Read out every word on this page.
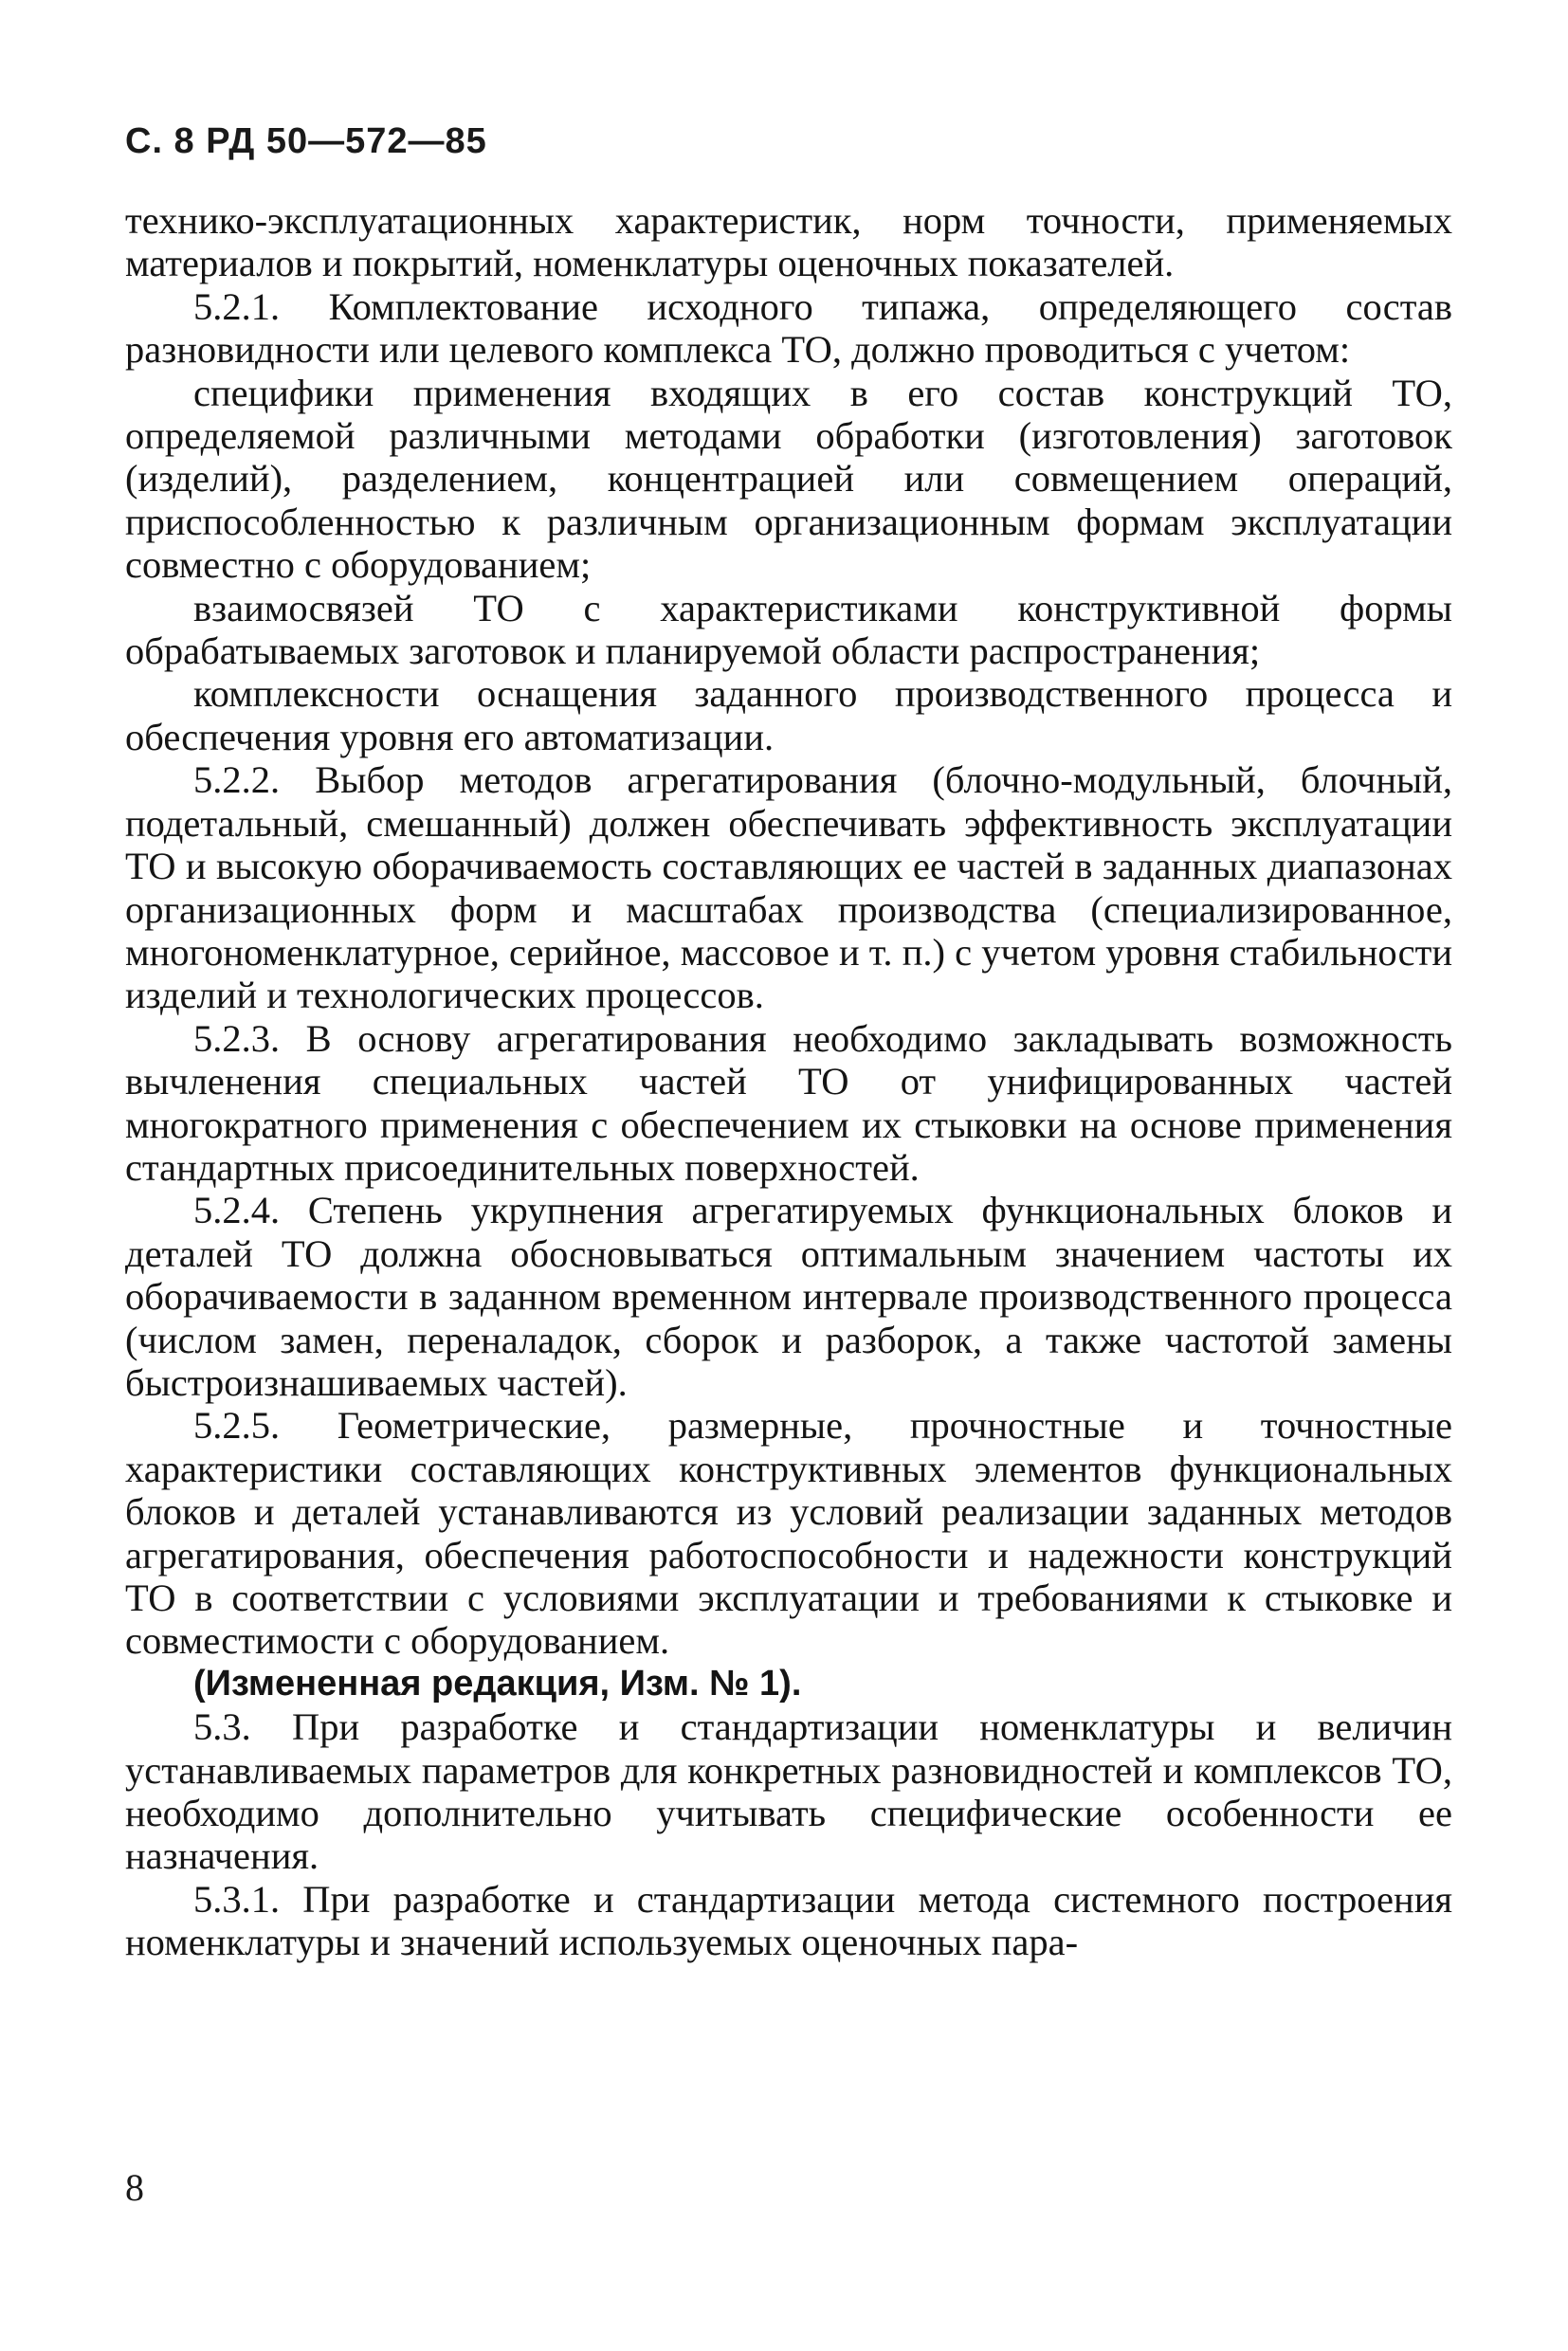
С. 8 РД 50—572—85

технико-эксплуатационных характеристик, норм точности, применяемых материалов и покрытий, номенклатуры оценочных показателей.

5.2.1. Комплектование исходного типажа, определяющего состав разновидности или целевого комплекса ТО, должно проводиться с учетом:

специфики применения входящих в его состав конструкций ТО, определяемой различными методами обработки (изготовления) заготовок (изделий), разделением, концентрацией или совмещением операций, приспособленностью к различным организационным формам эксплуатации совместно с оборудованием;

взаимосвязей ТО с характеристиками конструктивной формы обрабатываемых заготовок и планируемой области распространения;

комплексности оснащения заданного производственного процесса и обеспечения уровня его автоматизации.

5.2.2. Выбор методов агрегатирования (блочно-модульный, блочный, подетальный, смешанный) должен обеспечивать эффективность эксплуатации ТО и высокую оборачиваемость составляющих ее частей в заданных диапазонах организационных форм и масштабах производства (специализированное, многономенклатурное, серийное, массовое и т. п.) с учетом уровня стабильности изделий и технологических процессов.

5.2.3. В основу агрегатирования необходимо закладывать возможность вычленения специальных частей ТО от унифицированных частей многократного применения с обеспечением их стыковки на основе применения стандартных присоединительных поверхностей.

5.2.4. Степень укрупнения агрегатируемых функциональных блоков и деталей ТО должна обосновываться оптимальным значением частоты их оборачиваемости в заданном временном интервале производственного процесса (числом замен, переналадок, сборок и разборок, а также частотой замены быстроизнашиваемых частей).

5.2.5. Геометрические, размерные, прочностные и точностные характеристики составляющих конструктивных элементов функциональных блоков и деталей устанавливаются из условий реализации заданных методов агрегатирования, обеспечения работоспособности и надежности конструкций ТО в соответствии с условиями эксплуатации и требованиями к стыковке и совместимости с оборудованием.

(Измененная редакция, Изм. № 1).

5.3. При разработке и стандартизации номенклатуры и величин устанавливаемых параметров для конкретных разновидностей и комплексов ТО, необходимо дополнительно учитывать специфические особенности ее назначения.

5.3.1. При разработке и стандартизации метода системного построения номенклатуры и значений используемых оценочных пара-

8
